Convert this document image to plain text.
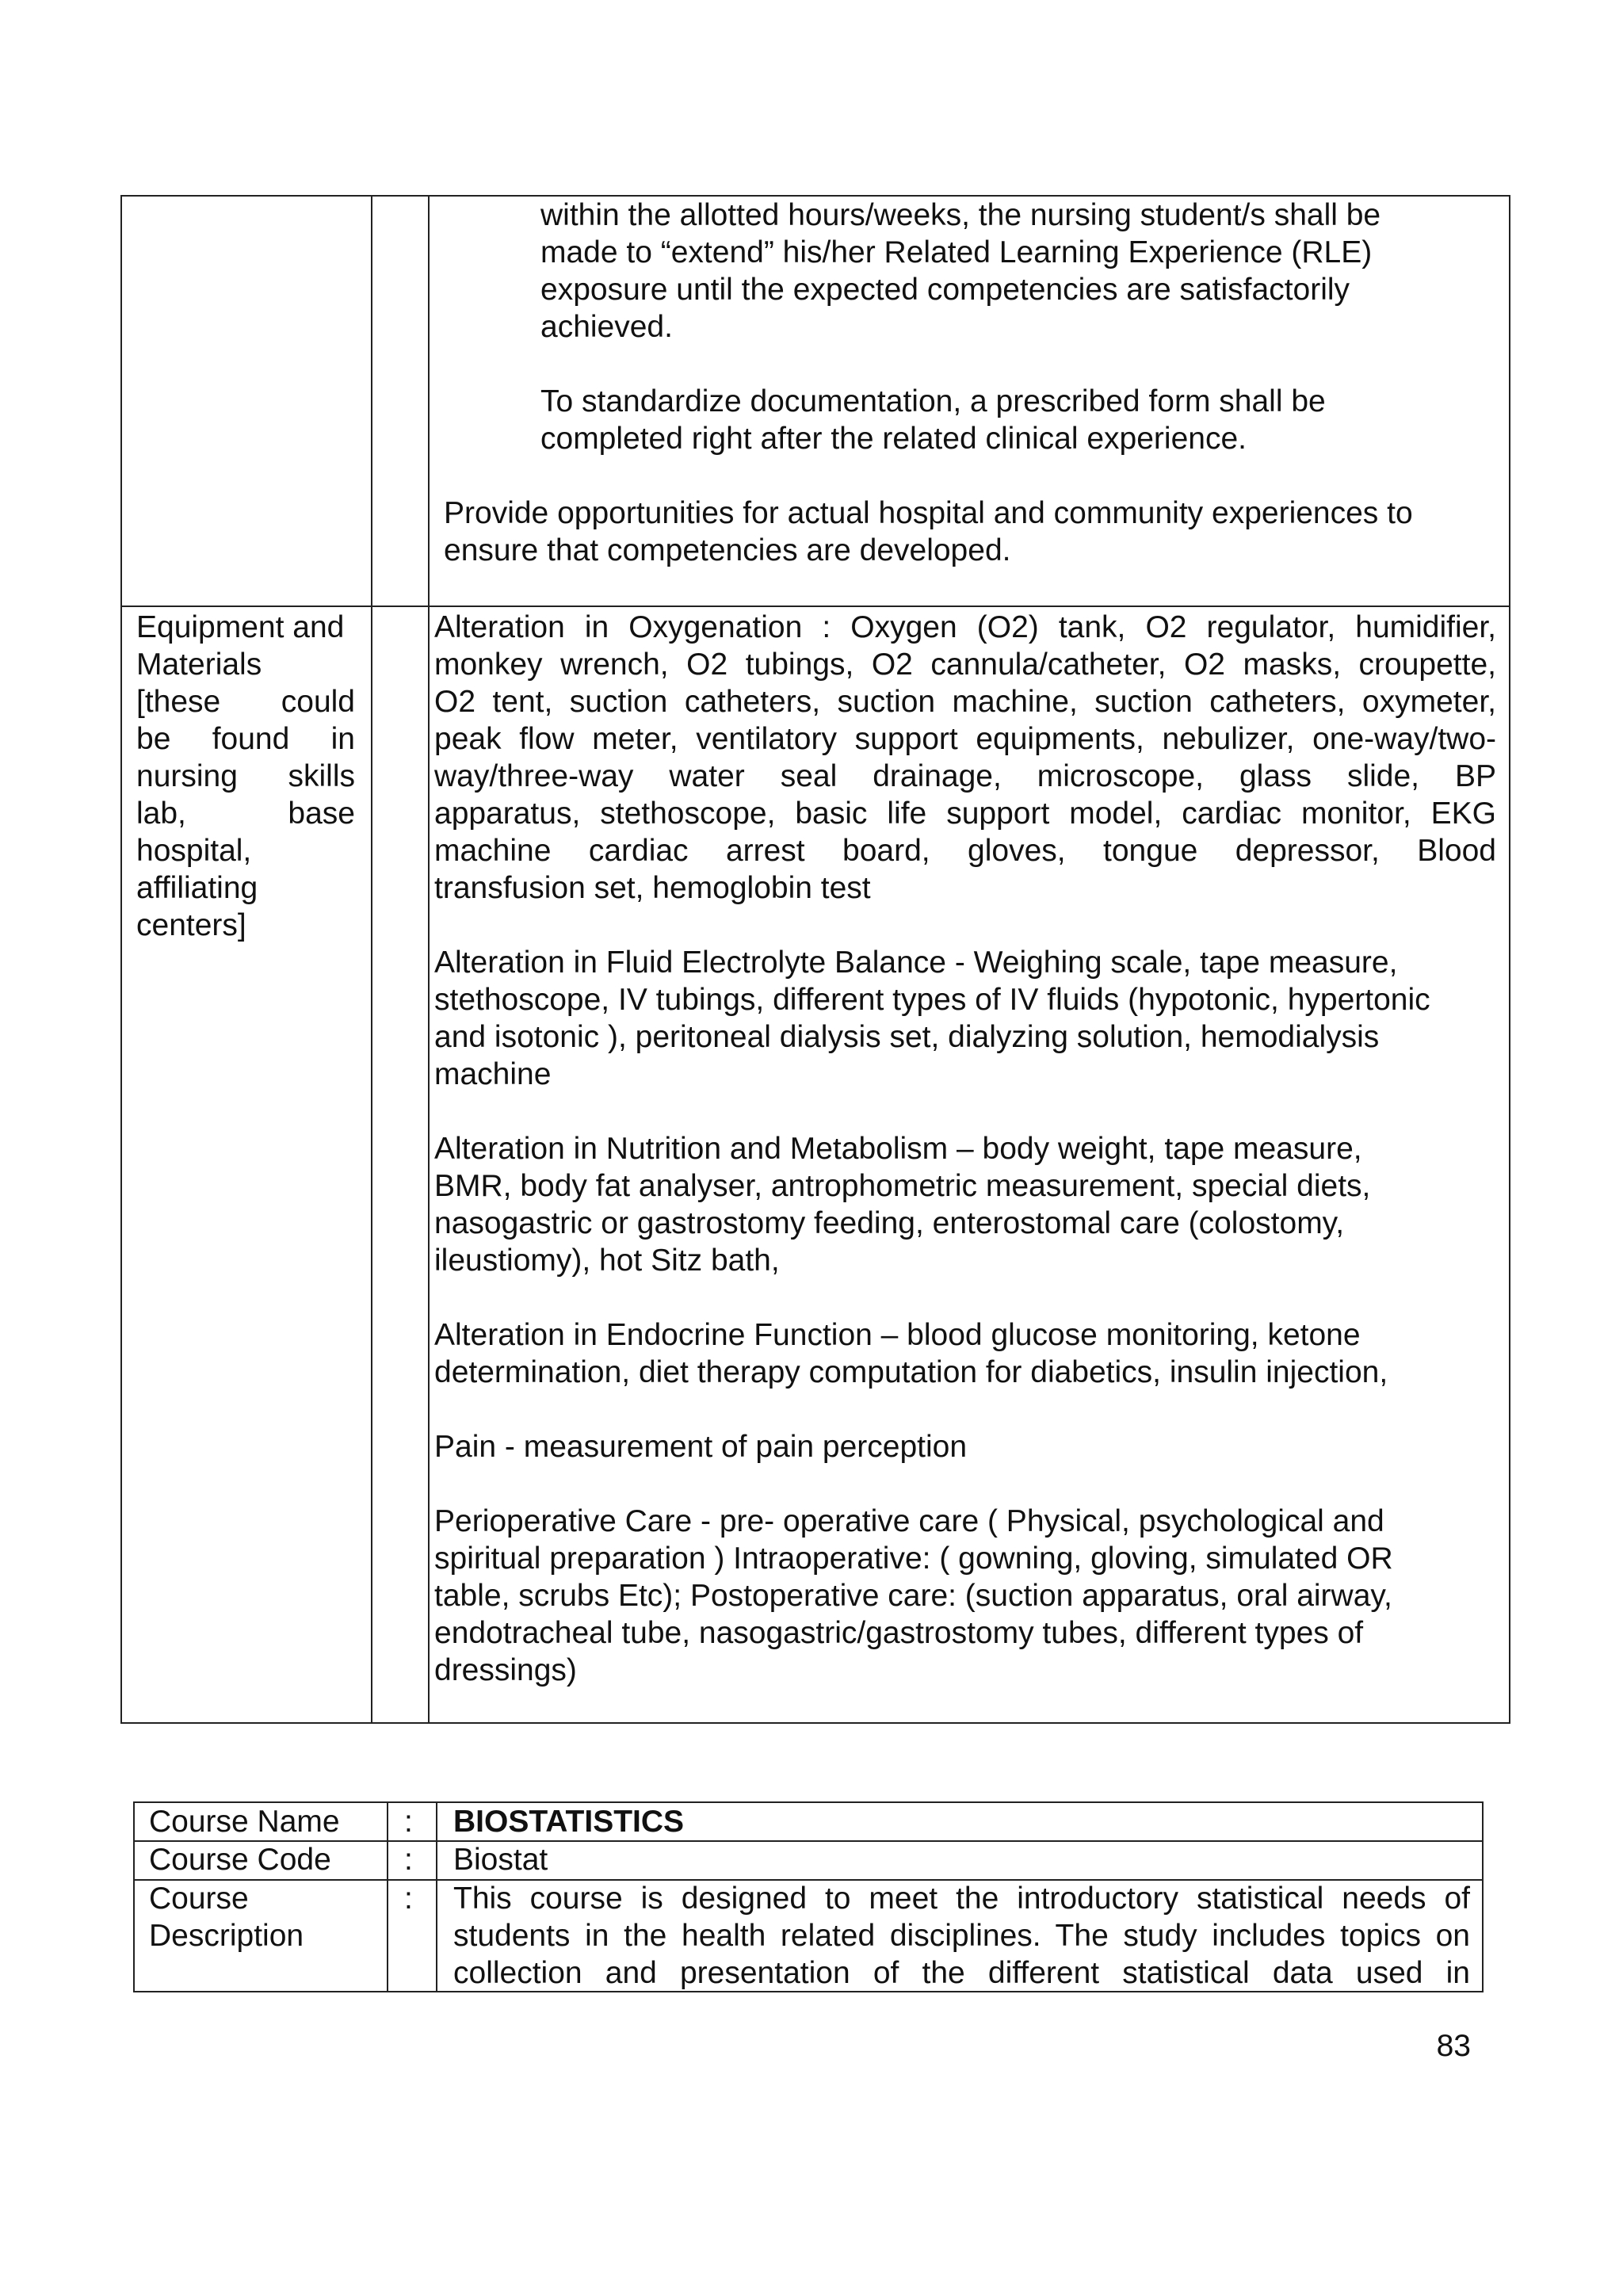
within the allotted hours/weeks, the nursing student/s shall be

made to “extend” his/her Related Learning Experience (RLE)

exposure until the expected competencies are satisfactorily

achieved.

To standardize documentation, a prescribed form shall be

completed right after the related clinical experience.

Provide opportunities for actual hospital and community experiences to

ensure that competencies are developed.

Equipment and

Materials

[these could

be found in

nursing skills

lab, base

hospital,

affiliating

centers]

Alteration in Oxygenation : Oxygen (O2) tank, O2 regulator, humidifier,

monkey wrench, O2 tubings, O2 cannula/catheter, O2 masks, croupette,

O2 tent, suction catheters, suction machine, suction catheters, oxymeter,

peak flow meter, ventilatory support equipments, nebulizer, one-way/two-

way/three-way water seal drainage, microscope, glass slide, BP

apparatus, stethoscope, basic life support model, cardiac monitor, EKG

machine cardiac arrest board, gloves, tongue depressor, Blood

transfusion set, hemoglobin test

Alteration in Fluid Electrolyte Balance - Weighing scale, tape measure,

stethoscope, IV tubings, different types of IV fluids (hypotonic, hypertonic

and isotonic ), peritoneal dialysis set, dialyzing solution, hemodialysis

machine

Alteration in Nutrition and Metabolism – body weight, tape measure,

BMR, body fat analyser, antrophometric measurement, special diets,

nasogastric or gastrostomy feeding, enterostomal care (colostomy,

ileustiomy), hot Sitz bath,

Alteration in Endocrine Function – blood glucose monitoring, ketone

determination, diet therapy computation for diabetics, insulin injection,

Pain - measurement of pain perception

Perioperative Care - pre- operative care ( Physical, psychological and

spiritual preparation ) Intraoperative: ( gowning, gloving, simulated OR

table, scrubs Etc); Postoperative care: (suction apparatus, oral airway,

endotracheal tube, nasogastric/gastrostomy tubes, different types of

dressings)

Course Name : BIOSTATISTICS

Course Code : Biostat

Course

Description

: This course is designed to meet the introductory statistical needs of

students in the health related disciplines. The study includes topics on

collection and presentation of the different statistical data used in

83
